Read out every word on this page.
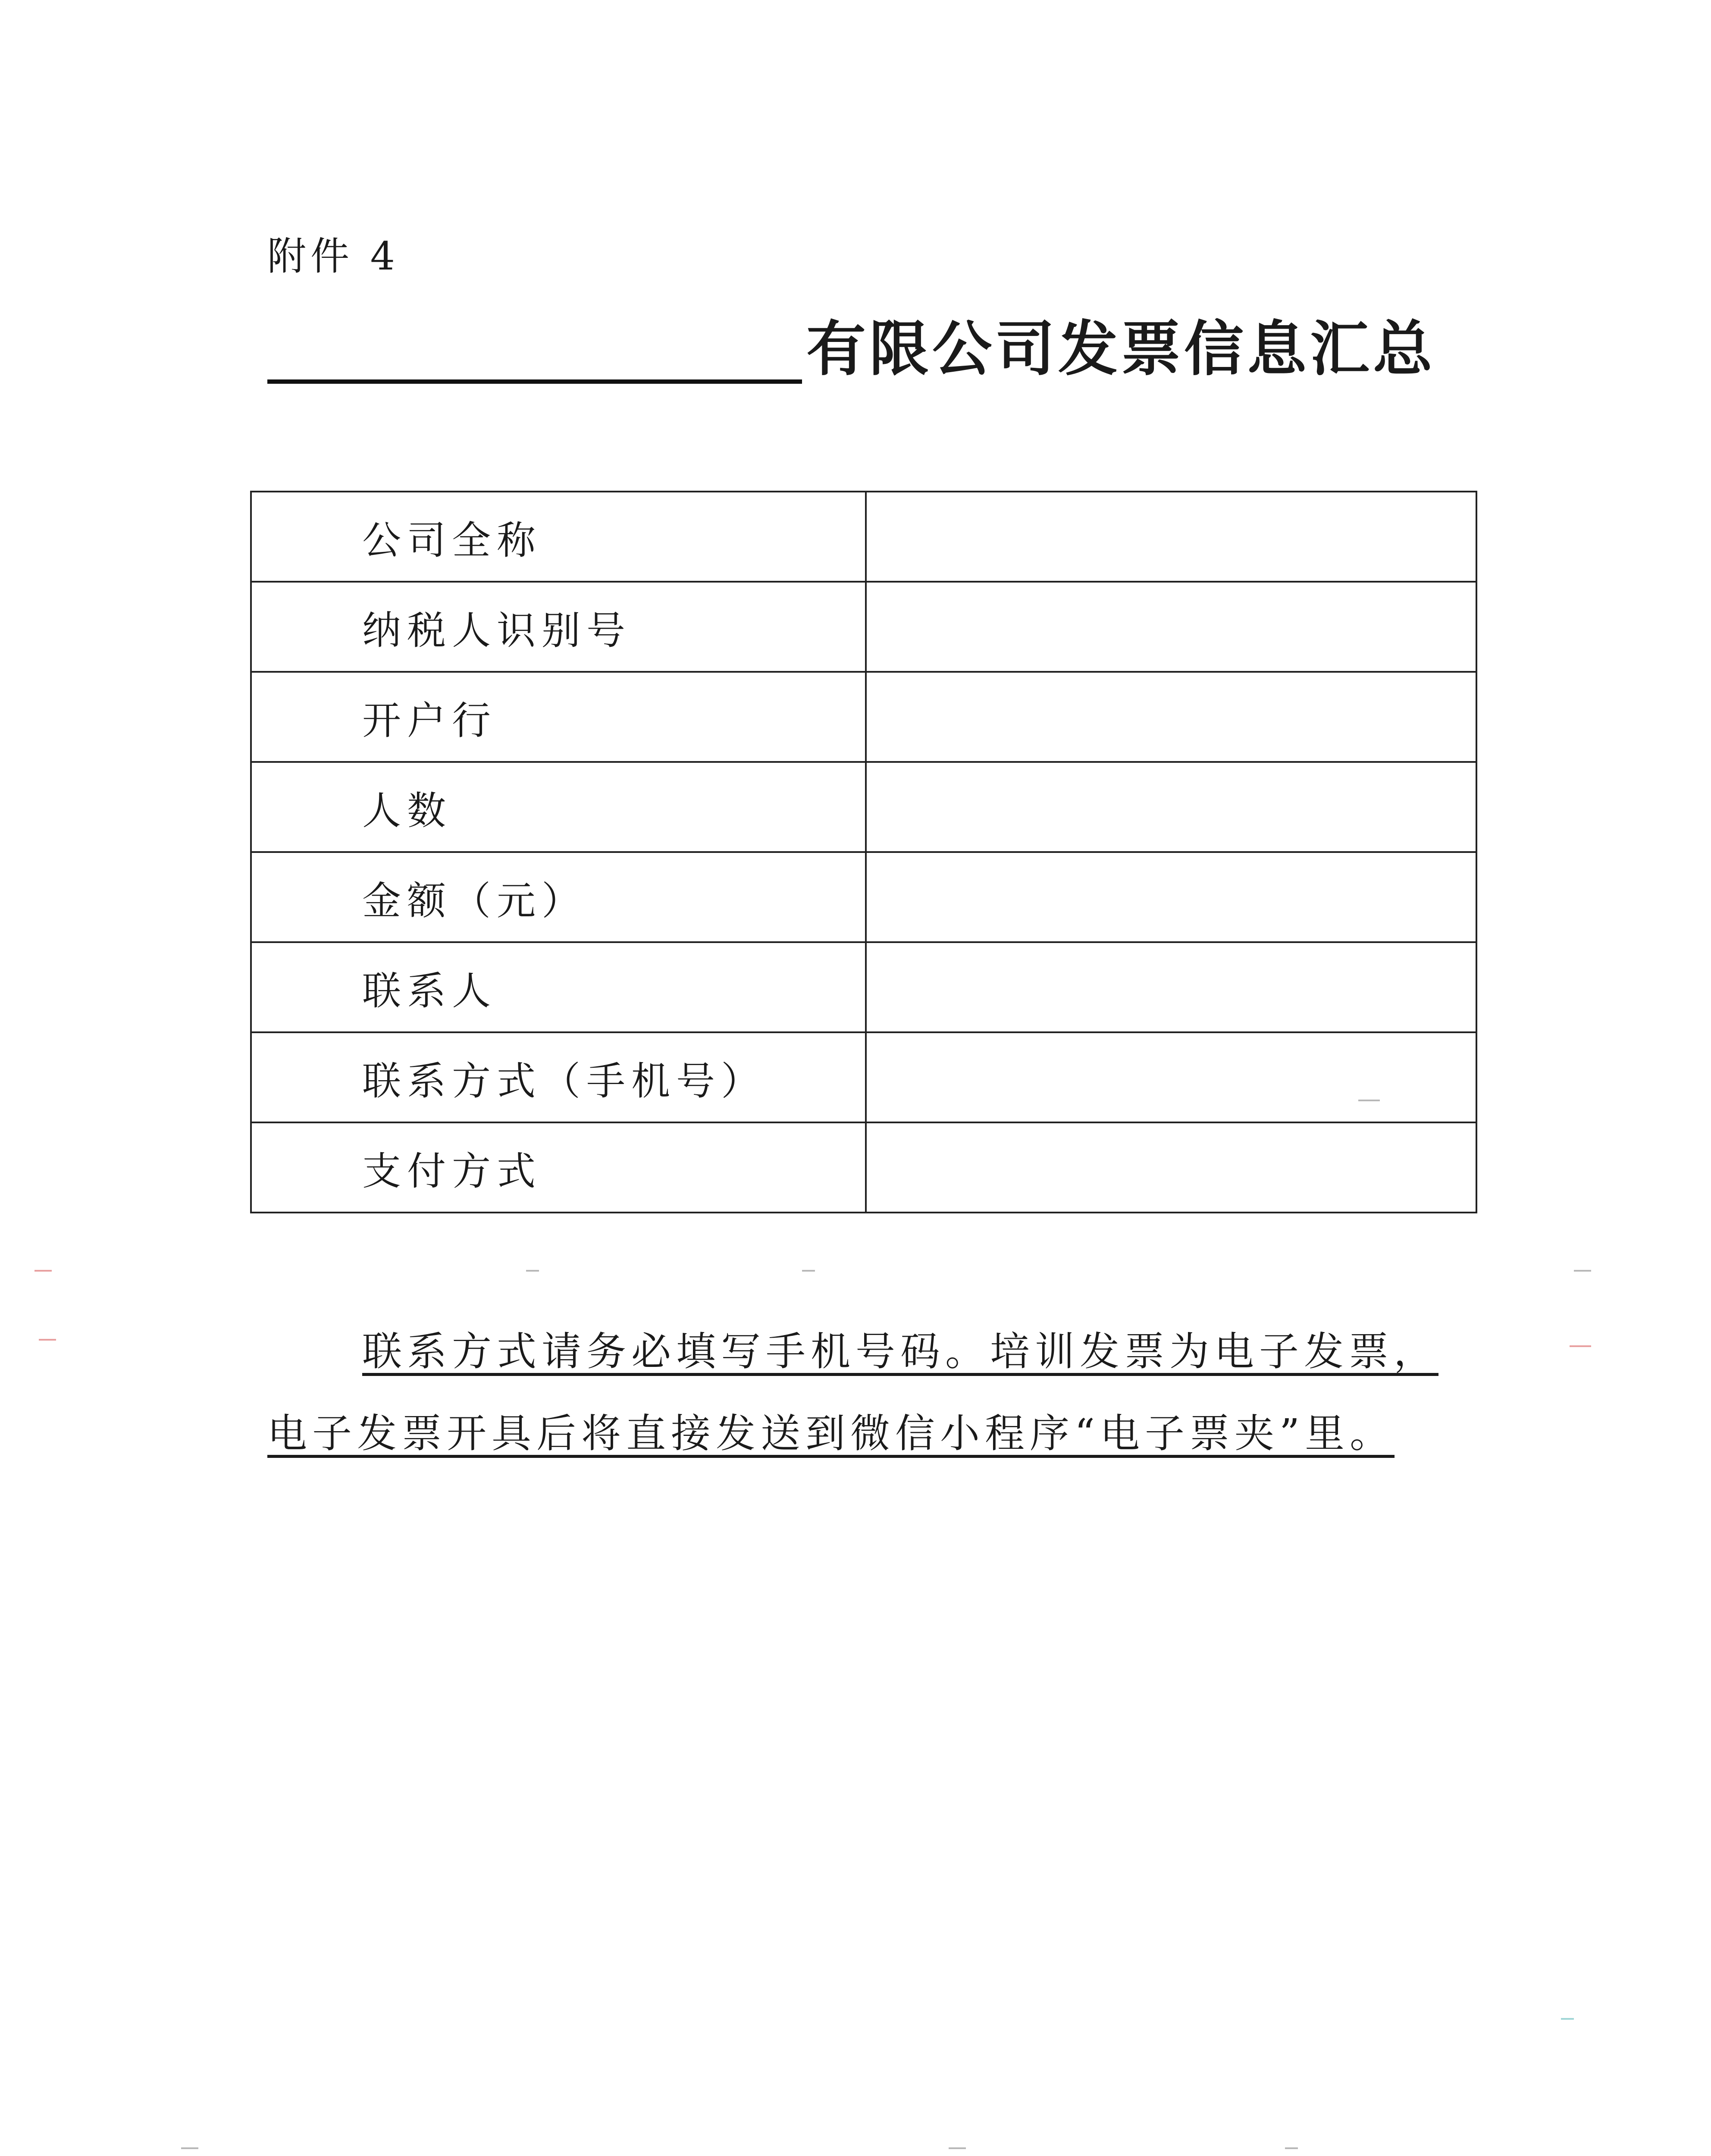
附件 4
有限公司发票信息汇总
公司全称	
纳税人识别号	
开户行	
人数	
金额（元）	
联系人	
联系方式（手机号）	
支付方式	
联系方式请务必填写手机号码。培训发票为电子发票，
电子发票开具后将直接发送到微信小程序“电子票夹”里。
